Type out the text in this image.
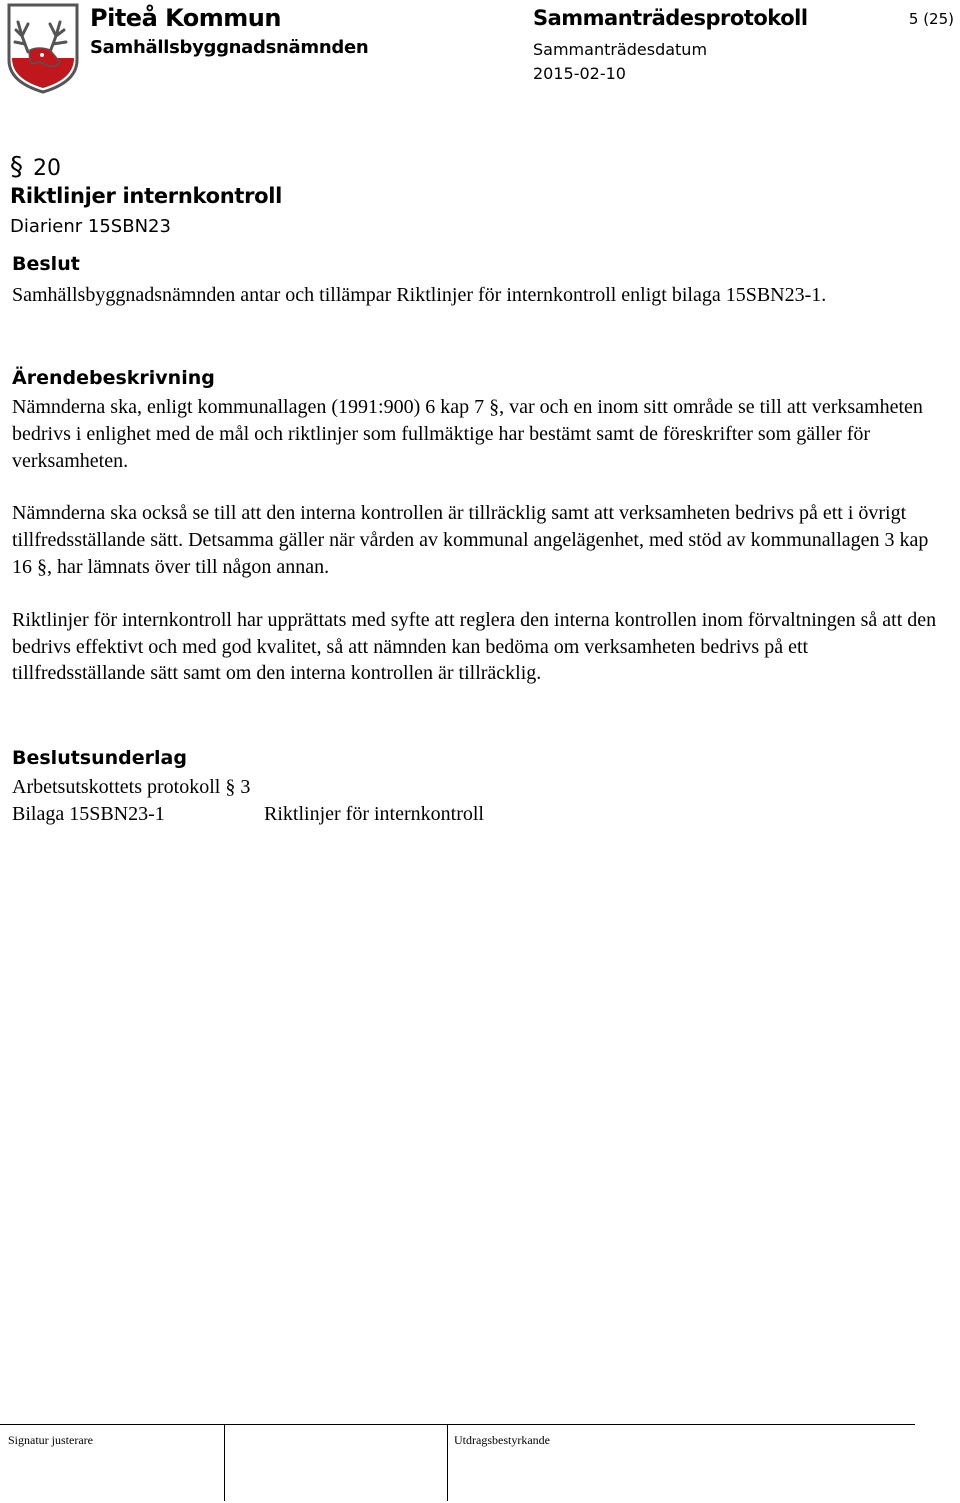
Piteå Kommun
Samhällsbyggnadsnämnden
Sammanträdesprotokoll	5 (25)
Sammanträdesdatum
2015-02-10
§ 20
Riktlinjer internkontroll
Diarienr 15SBN23
Beslut

Samhällsbyggnadsnämnden antar och tillämpar Riktlinjer för internkontroll enligt bilaga 15SBN23-1.

Ärendebeskrivning

Nämnderna ska, enligt kommunallagen (1991:900) 6 kap 7 §, var och en inom sitt område se till att verksamheten bedrivs i enlighet med de mål och riktlinjer som fullmäktige har bestämt samt de föreskrifter som gäller för verksamheten.

Nämnderna ska också se till att den interna kontrollen är tillräcklig samt att verksamheten bedrivs på ett i övrigt tillfredsställande sätt. Detsamma gäller när vården av kommunal angelägenhet, med stöd av kommunallagen 3 kap 16 §, har lämnats över till någon annan.

Riktlinjer för internkontroll har upprättats med syfte att reglera den interna kontrollen inom förvaltningen så att den bedrivs effektivt och med god kvalitet, så att nämnden kan bedöma om verksamheten bedrivs på ett tillfredsställande sätt samt om den interna kontrollen är tillräcklig.

Beslutsunderlag
Arbetsutskottets protokoll § 3
Bilaga 15SBN23-1	Riktlinjer för internkontroll
Signatur justerare	Utdragsbestyrkande
